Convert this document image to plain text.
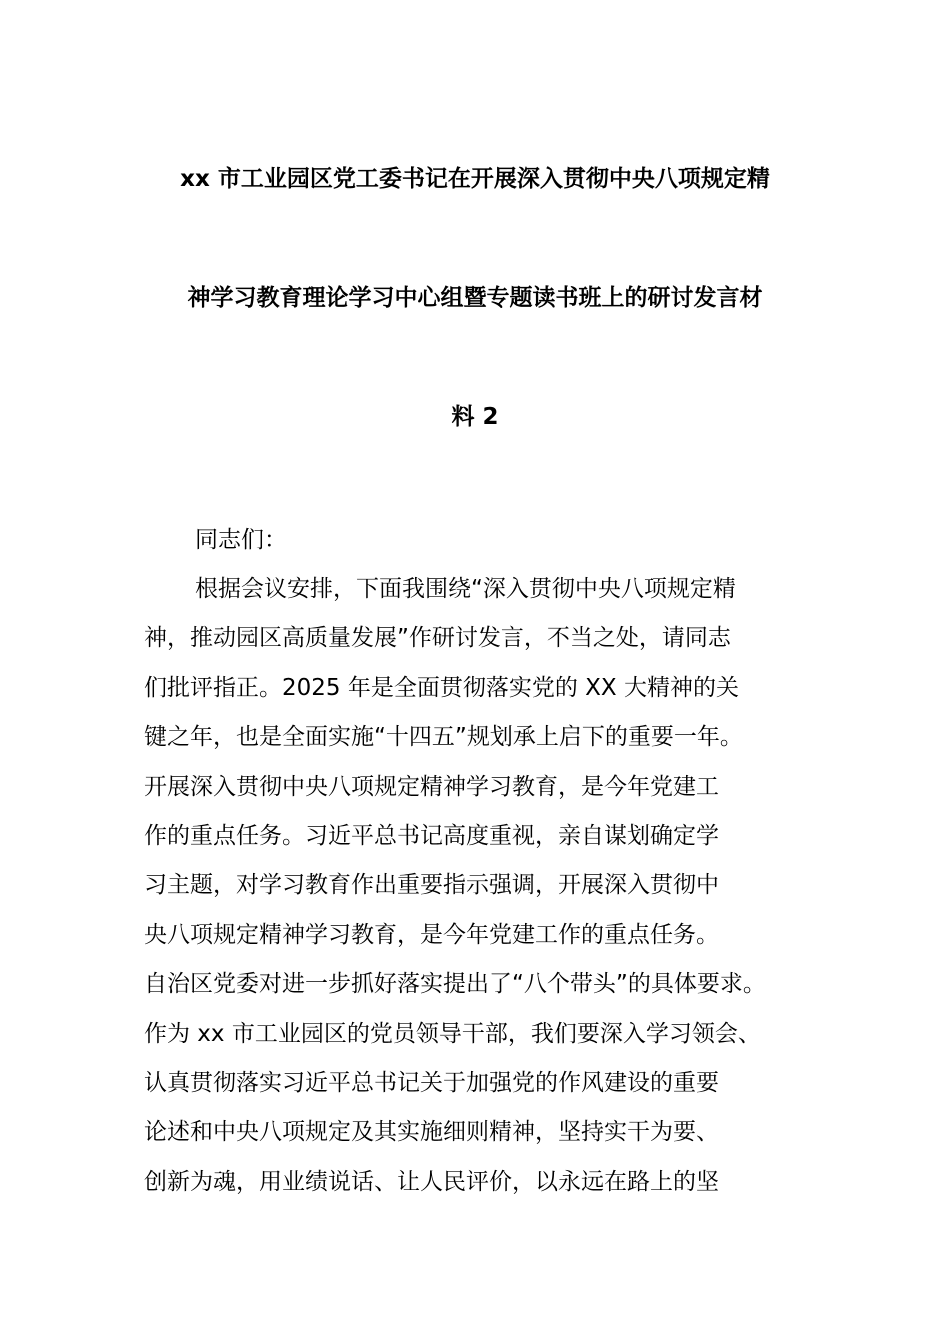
xx 市工业园区党工委书记在开展深入贯彻中央八项规定精
神学习教育理论学习中心组暨专题读书班上的研讨发言材
料 2
同志们：
根据会议安排，下面我围绕“深入贯彻中央八项规定精
神，推动园区高质量发展”作研讨发言，不当之处，请同志
们批评指正。2025 年是全面贯彻落实党的 XX 大精神的关
键之年，也是全面实施“十四五”规划承上启下的重要一年。
开展深入贯彻中央八项规定精神学习教育，是今年党建工
作的重点任务。习近平总书记高度重视，亲自谋划确定学
习主题，对学习教育作出重要指示强调，开展深入贯彻中
央八项规定精神学习教育，是今年党建工作的重点任务。
自治区党委对进一步抓好落实提出了“八个带头”的具体要求。
作为 xx 市工业园区的党员领导干部，我们要深入学习领会、
认真贯彻落实习近平总书记关于加强党的作风建设的重要
论述和中央八项规定及其实施细则精神，坚持实干为要、
创新为魂，用业绩说话、让人民评价，以永远在路上的坚
